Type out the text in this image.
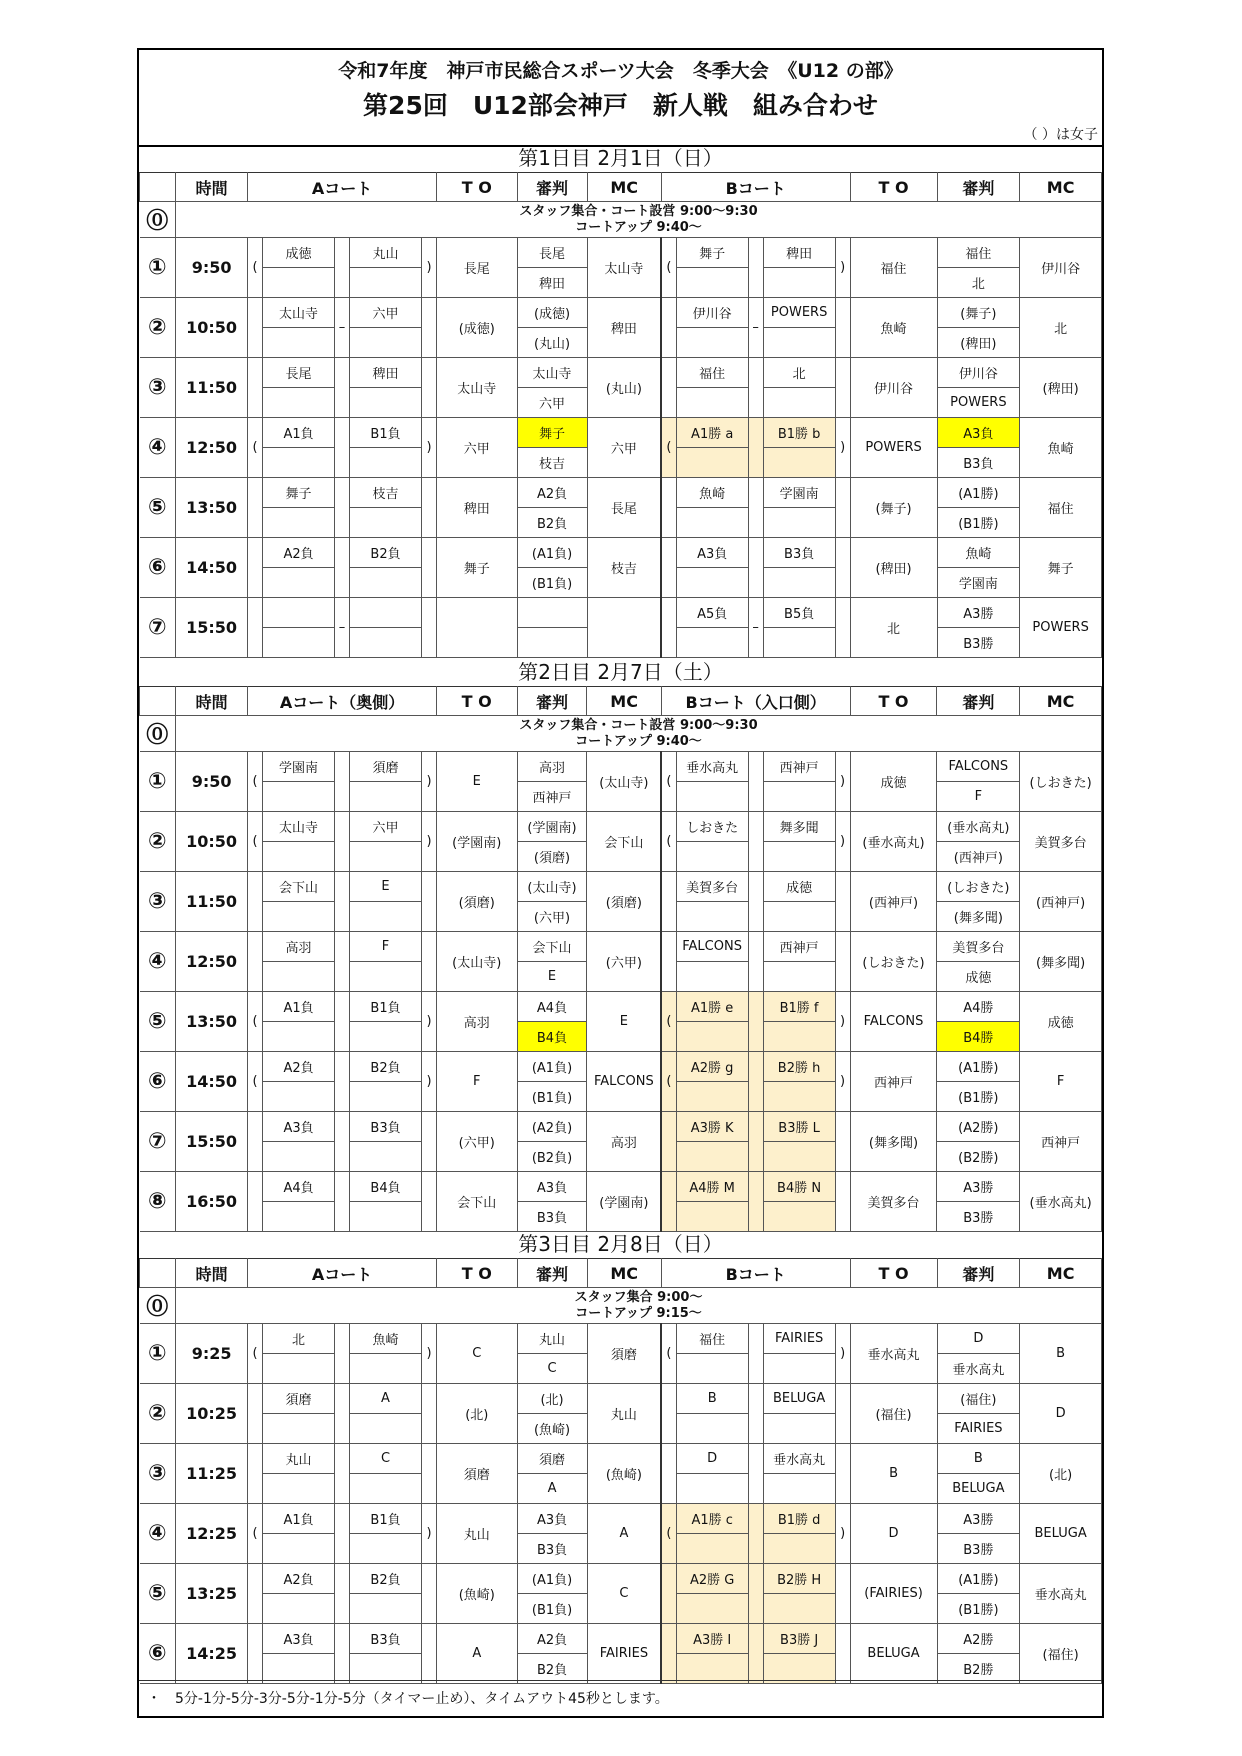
令和7年度　神戸市民総合スポーツ大会　冬季大会　《U12 の部》
第25回　U12部会神戸　新人戦　組み合わせ
（ ）は女子
第1日目 2月1日（日）
	時間	Aコート					T O	審判	MC	Bコート					T O	審判	MC
⓪	スタッフ集合・コート設営 9:00～9:30
コートアップ 9:40～																

①	9:50	(	成徳		丸山	)	長尾	長尾	太山寺	(	舞子		稗田	)	福住	福住	伊川谷
								稗田								北	
②	10:50		太山寺	–	六甲		(成徳)	(成徳)	稗田		伊川谷	–	POWERS		魚崎	(舞子)	北
								(丸山)								(稗田)	
③	11:50		長尾		稗田		太山寺	太山寺	(丸山)		福住		北		伊川谷	伊川谷	(稗田)
								六甲								POWERS	
④	12:50	(	A1負		B1負	)	六甲	舞子	六甲	(	A1勝 a		B1勝 b	)	POWERS	A3負	魚崎
								枝吉								B3負	
⑤	13:50		舞子		枝吉		稗田	A2負	長尾		魚崎		学園南		(舞子)	(A1勝)	福住
								B2負								(B1勝)	
⑥	14:50		A2負		B2負		舞子	(A1負)	枝吉		A3負		B3負		(稗田)	魚崎	舞子
								(B1負)								学園南	
⑦	15:50			–							A5負	–	B5負		北	A3勝	POWERS
																B3勝	
第2日目 2月7日（土）
	時間	Aコート（奥側）					T O	審判	MC	Bコート（入口側）					T O	審判	MC
⓪	スタッフ集合・コート設営 9:00～9:30
コートアップ 9:40～																

①	9:50	(	学園南		須磨	)	E	高羽	(太山寺)	(	垂水高丸		西神戸	)	成徳	FALCONS	(しおきた)
								西神戸								F	
②	10:50	(	太山寺		六甲	)	(学園南)	(学園南)	会下山	(	しおきた		舞多聞	)	(垂水高丸)	(垂水高丸)	美賀多台
								(須磨)								(西神戸)	
③	11:50		会下山		E		(須磨)	(太山寺)	(須磨)		美賀多台		成徳		(西神戸)	(しおきた)	(西神戸)
								(六甲)								(舞多聞)	
④	12:50		高羽		F		(太山寺)	会下山	(六甲)		FALCONS		西神戸		(しおきた)	美賀多台	(舞多聞)
								E								成徳	
⑤	13:50	(	A1負		B1負	)	高羽	A4負	E	(	A1勝 e		B1勝 f	)	FALCONS	A4勝	成徳
								B4負								B4勝	
⑥	14:50	(	A2負		B2負	)	F	(A1負)	FALCONS	(	A2勝 g		B2勝 h	)	西神戸	(A1勝)	F
								(B1負)								(B1勝)	
⑦	15:50		A3負		B3負		(六甲)	(A2負)	高羽		A3勝 K		B3勝 L		(舞多聞)	(A2勝)	西神戸
								(B2負)								(B2勝)	
⑧	16:50		A4負		B4負		会下山	A3負	(学園南)		A4勝 M		B4勝 N		美賀多台	A3勝	(垂水高丸)
								B3負								B3勝	
第3日目 2月8日（日）
	時間	Aコート					T O	審判	MC	Bコート					T O	審判	MC
⓪	スタッフ集合 9:00～
コートアップ 9:15～																

①	9:25	(	北		魚崎	)	C	丸山	須磨	(	福住		FAIRIES	)	垂水高丸	D	B
								C								垂水高丸	
②	10:25		須磨		A		(北)	(北)	丸山		B		BELUGA		(福住)	(福住)	D
								(魚崎)								FAIRIES	
③	11:25		丸山		C		須磨	須磨	(魚崎)		D		垂水高丸		B	B	(北)
								A								BELUGA	
④	12:25	(	A1負		B1負	)	丸山	A3負	A	(	A1勝 c		B1勝 d	)	D	A3勝	BELUGA
								B3負								B3勝	
⑤	13:25		A2負		B2負		(魚崎)	(A1負)	C		A2勝 G		B2勝 H		(FAIRIES)	(A1勝)	垂水高丸
								(B1負)								(B1勝)	
⑥	14:25		A3負		B3負		A	A2負	FAIRIES		A3勝 I		B3勝 J		BELUGA	A2勝	(福住)
								B2負								B2勝	
・　5分-1分-5分-3分-5分-1分-5分（タイマー止め）、タイムアウト45秒とします。
